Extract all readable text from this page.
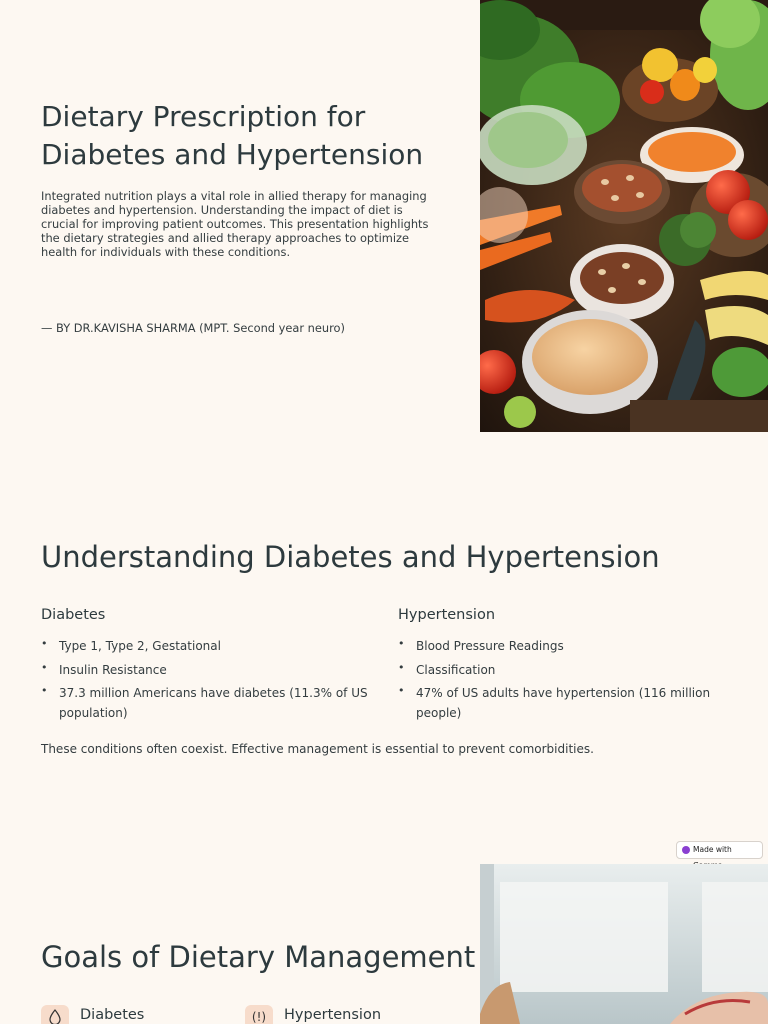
Dietary Prescription for Diabetes and Hypertension

Integrated nutrition plays a vital role in allied therapy for managing diabetes and hypertension. Understanding the impact of diet is crucial for improving patient outcomes. This presentation highlights the dietary strategies and allied therapy approaches to optimize health for individuals with these conditions.

— BY DR.KAVISHA SHARMA (MPT. Second year neuro)

Understanding Diabetes and Hypertension
Diabetes
• Type 1, Type 2, Gestational
• Insulin Resistance
• 37.3 million Americans have diabetes (11.3% of US population)
Hypertension
• Blood Pressure Readings
• Classification
• 47% of US adults have hypertension (116 million people)

These conditions often coexist. Effective management is essential to prevent comorbidities.

Made with
Goals of Dietary Management
Diabetes	(!)	Hypertension
